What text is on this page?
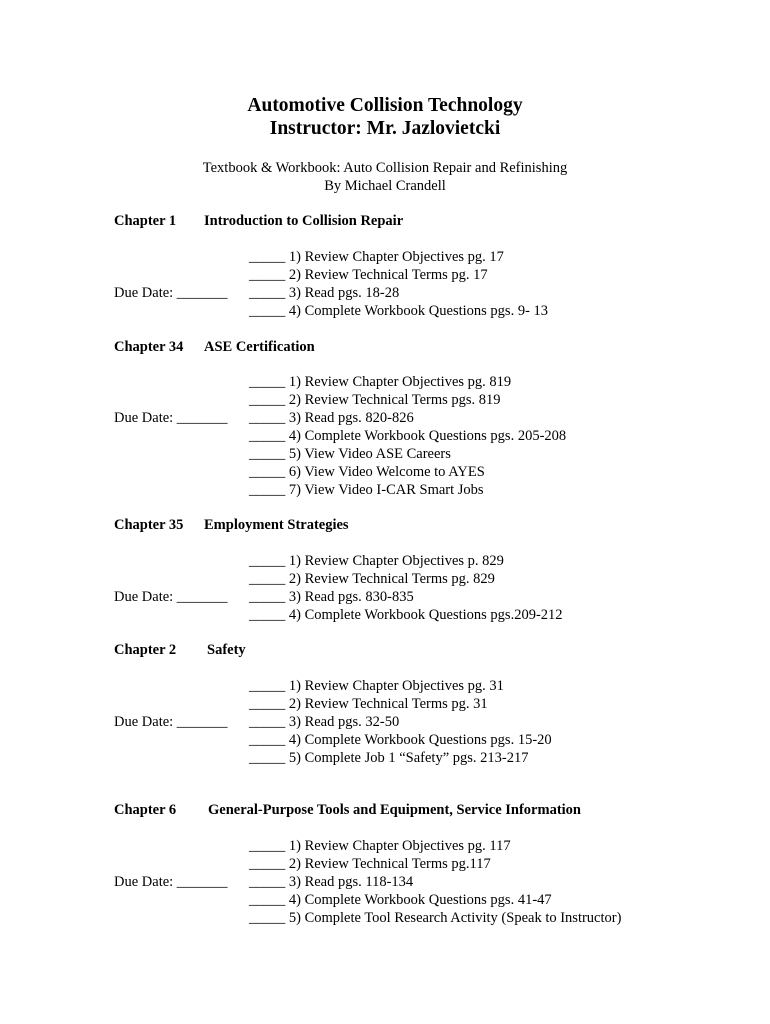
Automotive Collision Technology
Instructor: Mr. Jazlovietcki
Textbook & Workbook: Auto Collision Repair and Refinishing
By Michael Crandell
Chapter 1 Introduction to Collision Repair
Due Date: _______
_____ 1) Review Chapter Objectives pg. 17
_____ 2) Review Technical Terms pg. 17
_____ 3) Read pgs. 18-28
_____ 4) Complete Workbook Questions pgs. 9- 13
Chapter 34 ASE Certification
Due Date: _______
_____ 1) Review Chapter Objectives pg. 819
_____ 2) Review Technical Terms pgs. 819
_____ 3) Read pgs. 820-826
_____ 4) Complete Workbook Questions pgs. 205-208
_____ 5) View Video ASE Careers
_____ 6) View Video Welcome to AYES
_____ 7) View Video I-CAR Smart Jobs
Chapter 35 Employment Strategies
Due Date: _______
_____ 1) Review Chapter Objectives p. 829
_____ 2) Review Technical Terms pg. 829
_____ 3) Read pgs. 830-835
_____ 4) Complete Workbook Questions pgs.209-212
Chapter 2 Safety
Due Date: _______
_____ 1) Review Chapter Objectives pg. 31
_____ 2) Review Technical Terms pg. 31
_____ 3) Read pgs. 32-50
_____ 4) Complete Workbook Questions pgs. 15-20
_____ 5) Complete Job 1 “Safety” pgs. 213-217
Chapter 6 General-Purpose Tools and Equipment, Service Information
Due Date: _______
_____ 1) Review Chapter Objectives pg. 117
_____ 2) Review Technical Terms pg.117
_____ 3) Read pgs. 118-134
_____ 4) Complete Workbook Questions pgs. 41-47
_____ 5) Complete Tool Research Activity (Speak to Instructor)
